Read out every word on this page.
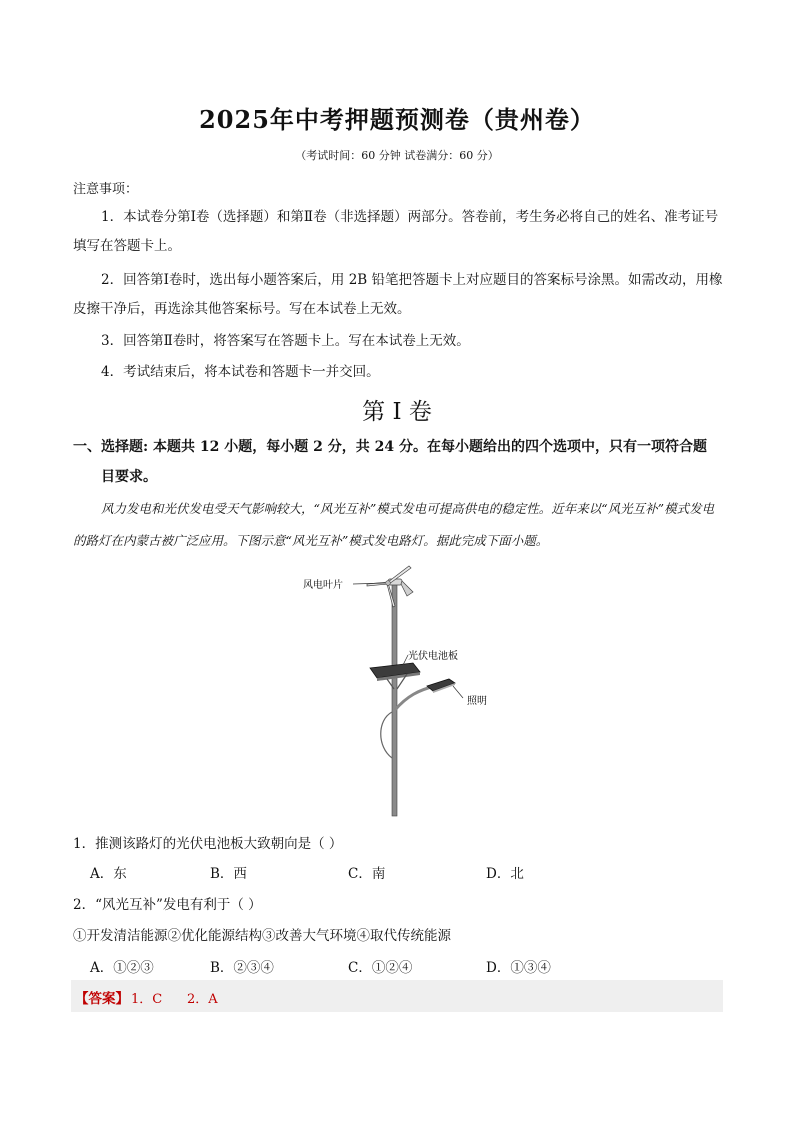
2025年中考押题预测卷（贵州卷）
（考试时间：60 分钟 试卷满分：60 分）
注意事项：
1．本试卷分第Ⅰ卷（选择题）和第Ⅱ卷（非选择题）两部分。答卷前，考生务必将自己的姓名、准考证号填写在答题卡上。
2．回答第Ⅰ卷时，选出每小题答案后，用 2B 铅笔把答题卡上对应题目的答案标号涂黑。如需改动，用橡皮擦干净后，再选涂其他答案标号。写在本试卷上无效。
3．回答第Ⅱ卷时，将答案写在答题卡上。写在本试卷上无效。
4．考试结束后，将本试卷和答题卡一并交回。
第 I 卷
一、选择题: 本题共 12 小题，每小题 2 分，共 24 分。在每小题给出的四个选项中，只有一项符合题
目要求。
风力发电和光伏发电受天气影响较大，“风光互补”模式发电可提高供电的稳定性。近年来以“风光互补”模式发电的路灯在内蒙古被广泛应用。下图示意“风光互补”模式发电路灯。据此完成下面小题。
风电叶片
光伏电池板
照明
1．推测该路灯的光伏电池板大致朝向是（ ）
A．东	B．西	C．南	D．北
2．“风光互补”发电有利于（ ）
①开发清洁能源②优化能源结构③改善大气环境④取代传统能源
A．①②③	B．②③④	C．①②④	D．①③④
【答案】 1．C      2．A
